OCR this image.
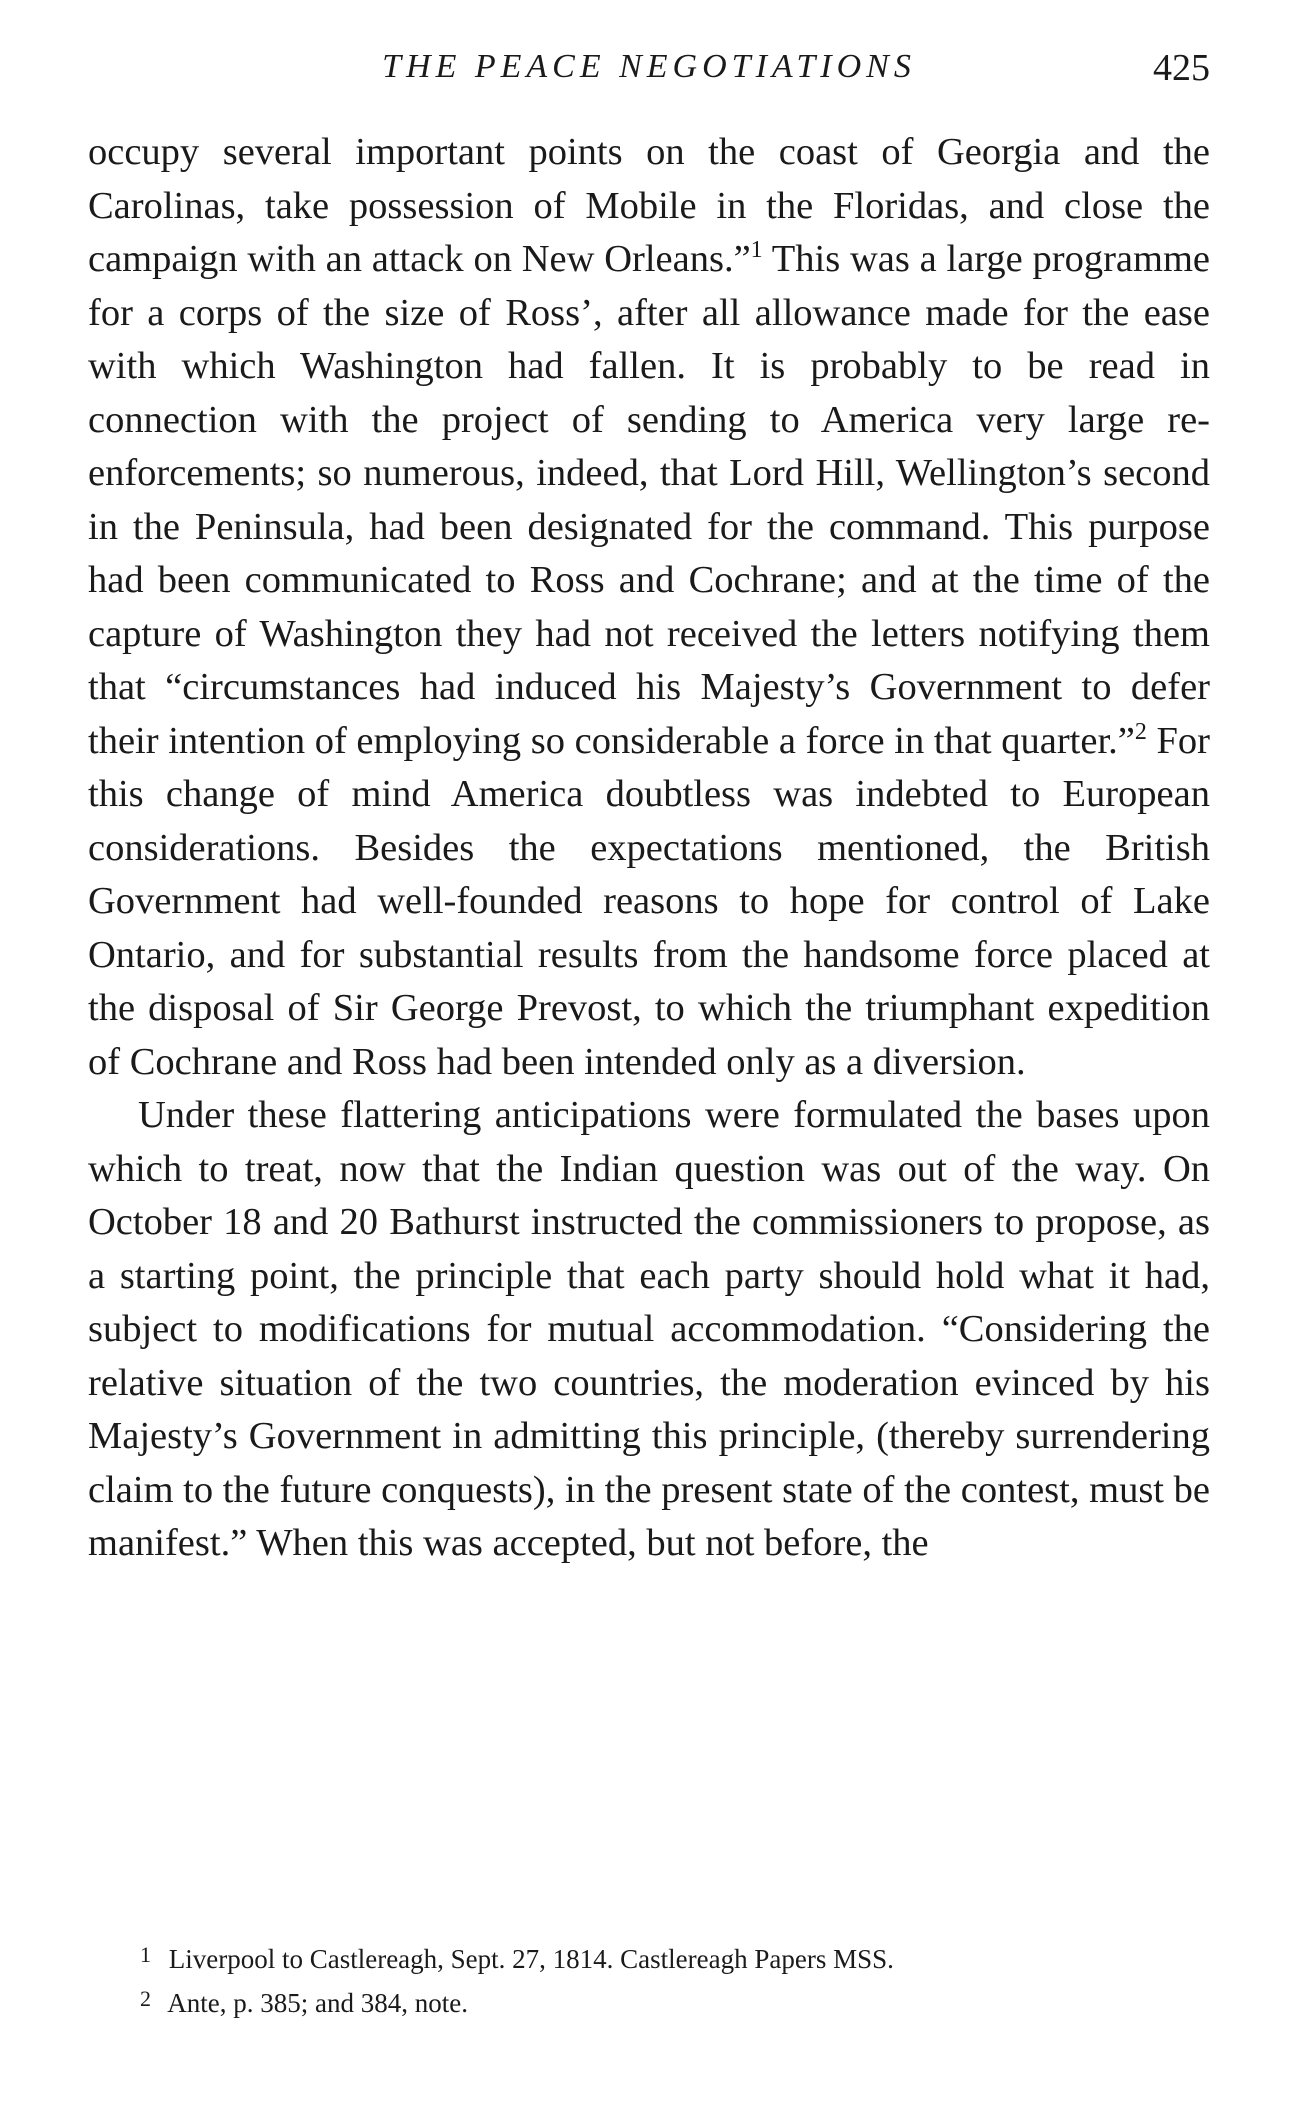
THE PEACE NEGOTIATIONS	425

occupy several important points on the coast of Georgia and the Carolinas, take possession of Mobile in the Floridas, and close the campaign with an attack on New Orleans.”$^1$ This was a large programme for a corps of the size of Ross’, after all allowance made for the ease with which Washington had fallen. It is probably to be read in connection with the project of sending to America very large re-enforcements; so numerous, indeed, that Lord Hill, Wellington’s second in the Peninsula, had been designated for the command. This purpose had been communicated to Ross and Cochrane; and at the time of the capture of Washington they had not received the letters notifying them that “circumstances had induced his Majesty’s Government to defer their intention of employing so considerable a force in that quarter.”$^2$ For this change of mind America doubtless was indebted to European considerations. Besides the expectations mentioned, the British Government had well-founded reasons to hope for control of Lake Ontario, and for substantial results from the handsome force placed at the disposal of Sir George Prevost, to which the triumphant expedition of Cochrane and Ross had been intended only as a diversion.

Under these flattering anticipations were formulated the bases upon which to treat, now that the Indian question was out of the way. On October 18 and 20 Bathurst instructed the commissioners to propose, as a starting point, the principle that each party should hold what it had, subject to modifications for mutual accommodation. “Considering the relative situation of the two countries, the moderation evinced by his Majesty’s Government in admitting this principle, (thereby surrendering claim to the future conquests), in the present state of the contest, must be manifest.” When this was accepted, but not before, the

1 Liverpool to Castlereagh, Sept. 27, 1814. Castlereagh Papers MSS.
2 Ante, p. 385; and 384, note.
